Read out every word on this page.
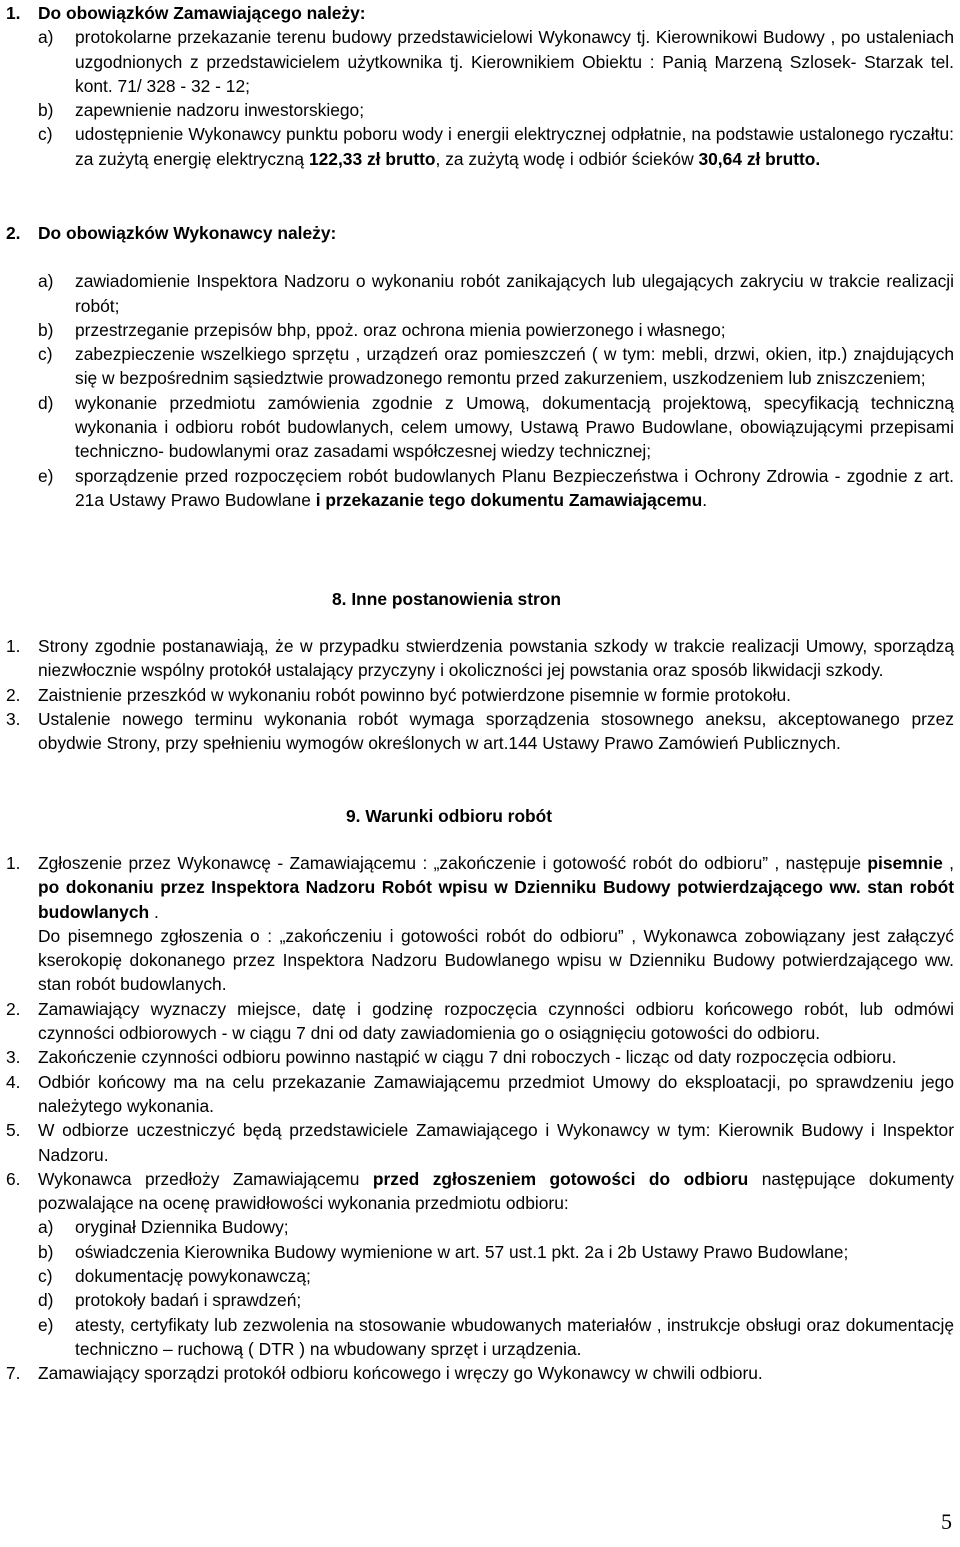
1.	Do obowiązków Zamawiającego należy:
a)	protokolarne przekazanie terenu budowy przedstawicielowi Wykonawcy tj. Kierownikowi Budowy , po ustaleniach uzgodnionych z przedstawicielem użytkownika tj. Kierownikiem Obiektu : Panią Marzeną Szlosek- Starzak tel. kont. 71/ 328 - 32 - 12;
b)	zapewnienie nadzoru inwestorskiego;
c)	udostępnienie Wykonawcy punktu poboru wody i energii elektrycznej odpłatnie, na podstawie ustalonego ryczałtu: za zużytą energię elektryczną 122,33 zł brutto, za zużytą wodę i odbiór ścieków 30,64 zł brutto.
2.	Do obowiązków Wykonawcy należy:
a)	zawiadomienie Inspektora Nadzoru o wykonaniu robót zanikających lub ulegających zakryciu w trakcie realizacji robót;
b)	przestrzeganie przepisów bhp, ppoż. oraz ochrona mienia powierzonego i własnego;
c)	zabezpieczenie wszelkiego sprzętu , urządzeń oraz pomieszczeń ( w tym: mebli, drzwi, okien, itp.) znajdujących się w bezpośrednim sąsiedztwie prowadzonego remontu przed zakurzeniem, uszkodzeniem lub zniszczeniem;
d)	wykonanie przedmiotu zamówienia zgodnie z Umową, dokumentacją projektową, specyfikacją techniczną wykonania i odbioru robót budowlanych, celem umowy, Ustawą Prawo Budowlane, obowiązującymi przepisami techniczno- budowlanymi oraz zasadami współczesnej wiedzy technicznej;
e)	sporządzenie przed rozpoczęciem robót budowlanych Planu Bezpieczeństwa i Ochrony Zdrowia - zgodnie z art. 21a Ustawy Prawo Budowlane i przekazanie tego dokumentu Zamawiającemu.
8. Inne postanowienia stron
1.	Strony zgodnie postanawiają, że w przypadku stwierdzenia powstania szkody w trakcie realizacji Umowy, sporządzą niezwłocznie wspólny protokół ustalający przyczyny i okoliczności jej powstania oraz sposób likwidacji szkody.
2.	Zaistnienie przeszkód w wykonaniu robót powinno być potwierdzone pisemnie w formie protokołu.
3.	Ustalenie nowego terminu wykonania robót wymaga sporządzenia stosownego aneksu, akceptowanego przez obydwie Strony, przy spełnieniu wymogów określonych w art.144 Ustawy Prawo Zamówień Publicznych.
9. Warunki odbioru robót
1.	Zgłoszenie przez Wykonawcę - Zamawiającemu : „zakończenie i gotowość robót do odbioru” , następuje pisemnie , po dokonaniu przez Inspektora Nadzoru Robót wpisu w Dzienniku Budowy potwierdzającego ww. stan robót budowlanych .
Do pisemnego zgłoszenia o : „zakończeniu i gotowości robót do odbioru” , Wykonawca zobowiązany jest załączyć kserokopię dokonanego przez Inspektora Nadzoru Budowlanego wpisu w Dzienniku Budowy potwierdzającego ww. stan robót budowlanych.
2.	Zamawiający wyznaczy miejsce, datę i godzinę rozpoczęcia czynności odbioru końcowego robót, lub odmówi czynności odbiorowych - w ciągu 7 dni od daty zawiadomienia go o osiągnięciu gotowości do odbioru.
3.	Zakończenie czynności odbioru powinno nastąpić w ciągu 7 dni roboczych - licząc od daty rozpoczęcia odbioru.
4.	Odbiór końcowy ma na celu przekazanie Zamawiającemu przedmiot Umowy do eksploatacji, po sprawdzeniu jego należytego wykonania.
5.	W odbiorze uczestniczyć będą przedstawiciele Zamawiającego i Wykonawcy w tym: Kierownik Budowy i Inspektor Nadzoru.
6.	Wykonawca przedłoży Zamawiającemu przed zgłoszeniem gotowości do odbioru następujące dokumenty pozwalające na ocenę prawidłowości wykonania przedmiotu odbioru:
a)	oryginał Dziennika Budowy;
b)	oświadczenia Kierownika Budowy wymienione w art. 57 ust.1 pkt. 2a i 2b Ustawy Prawo Budowlane;
c)	dokumentację powykonawczą;
d)	protokoły badań i sprawdzeń;
e)	atesty, certyfikaty lub zezwolenia na stosowanie wbudowanych materiałów , instrukcje obsługi oraz dokumentację techniczno – ruchową ( DTR ) na wbudowany sprzęt i urządzenia.
7.	Zamawiający sporządzi protokół odbioru końcowego i wręczy go Wykonawcy w chwili odbioru.
5
